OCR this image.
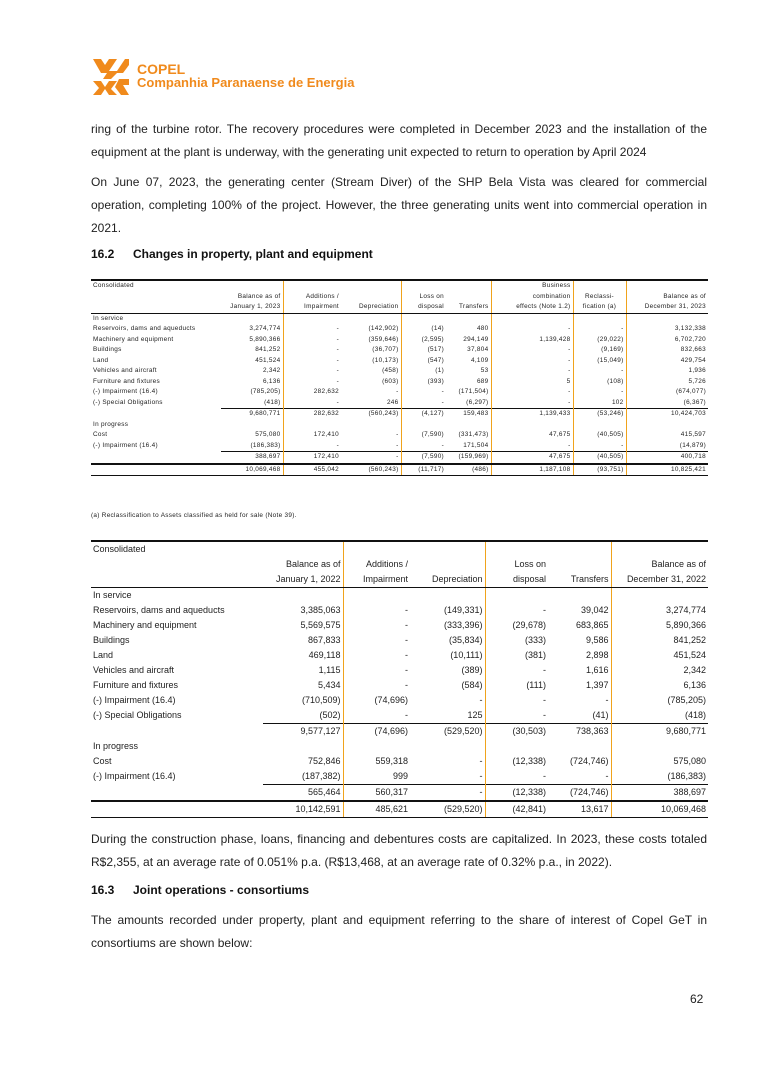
COPEL
Companhia Paranaense de Energia

ring of the turbine rotor. The recovery procedures were completed in December 2023 and the installation of the equipment at the plant is underway, with the generating unit expected to return to operation by April 2024

On June 07, 2023, the generating center (Stream Diver) of the SHP Bela Vista was cleared for commercial operation, completing 100% of the project. However, the three generating units went into commercial operation in 2021.

16.2 Changes in property, plant and equipment
Consolidated						Business		
	Balance as of	Additions /		Loss on		combination	Reclassi-	Balance as of
	January 1, 2023	Impairment	Depreciation	disposal	Transfers	effects (Note 1.2)	fication (a)	December 31, 2023
In service								
Reservoirs, dams and aqueducts	3,274,774	-	(142,902)	(14)	480	-	-	3,132,338
Machinery and equipment	5,890,366	-	(359,646)	(2,595)	294,149	1,139,428	(29,022)	6,702,720
Buildings	841,252	-	(36,707)	(517)	37,804	-	(9,169)	832,663
Land	451,524	-	(10,173)	(547)	4,109	-	(15,049)	429,754
Vehicles and aircraft	2,342	-	(458)	(1)	53	-	-	1,936
Furniture and fixtures	6,136	-	(603)	(393)	689	5	(108)	5,726
(-) Impairment (16.4)	(785,205)	282,632	-	-	(171,504)	-	-	(674,077)
(-) Special Obligations	(418)	-	246	-	(6,297)	-	102	(6,367)
	9,680,771	282,632	(560,243)	(4,127)	159,483	1,139,433	(53,246)	10,424,703
In progress								
Cost	575,080	172,410	-	(7,590)	(331,473)	47,675	(40,505)	415,597
(-) Impairment (16.4)	(186,383)	-	-	-	171,504	-	-	(14,879)
	388,697	172,410	-	(7,590)	(159,969)	47,675	(40,505)	400,718
	10,069,468	455,042	(560,243)	(11,717)	(486)	1,187,108	(93,751)	10,825,421
(a) Reclassification to Assets classified as held for sale (Note 39).
Consolidated						
	Balance as of	Additions /		Loss on		Balance as of
	January 1, 2022	Impairment	Depreciation	disposal	Transfers	December 31, 2022
In service						
Reservoirs, dams and aqueducts	3,385,063	-	(149,331)	-	39,042	3,274,774
Machinery and equipment	5,569,575	-	(333,396)	(29,678)	683,865	5,890,366
Buildings	867,833	-	(35,834)	(333)	9,586	841,252
Land	469,118	-	(10,111)	(381)	2,898	451,524
Vehicles and aircraft	1,115	-	(389)	-	1,616	2,342
Furniture and fixtures	5,434	-	(584)	(111)	1,397	6,136
(-) Impairment (16.4)	(710,509)	(74,696)	-	-	-	(785,205)
(-) Special Obligations	(502)	-	125	-	(41)	(418)
	9,577,127	(74,696)	(529,520)	(30,503)	738,363	9,680,771
In progress						
Cost	752,846	559,318	-	(12,338)	(724,746)	575,080
(-) Impairment (16.4)	(187,382)	999	-	-	-	(186,383)
	565,464	560,317	-	(12,338)	(724,746)	388,697
	10,142,591	485,621	(529,520)	(42,841)	13,617	10,069,468

During the construction phase, loans, financing and debentures costs are capitalized. In 2023, these costs totaled R$2,355, at an average rate of 0.051% p.a. (R$13,468, at an average rate of 0.32% p.a., in 2022).

16.3 Joint operations - consortiums

The amounts recorded under property, plant and equipment referring to the share of interest of Copel GeT in consortiums are shown below:

62
